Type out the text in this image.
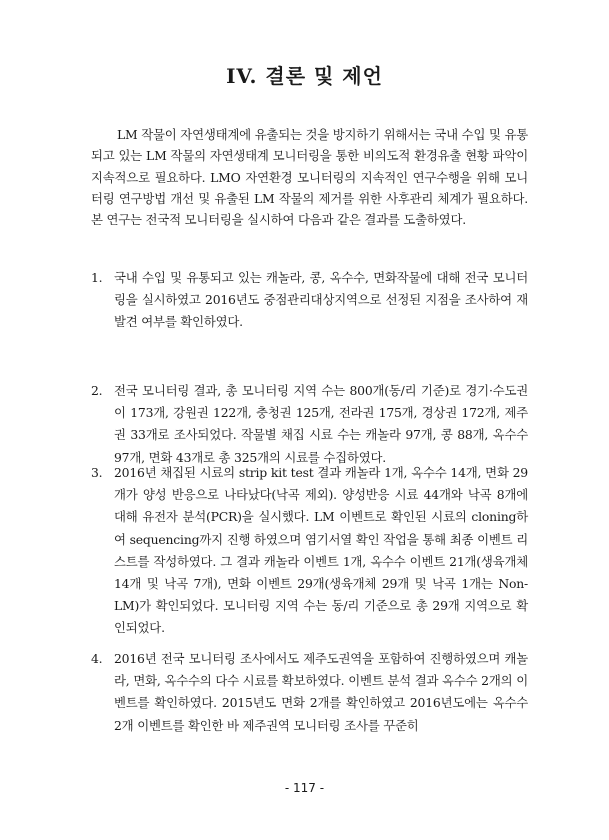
IV. 결론 및 제언

LM 작물이 자연생태계에 유출되는 것을 방지하기 위해서는 국내 수입 및 유통되고 있는 LM 작물의 자연생태계 모니터링을 통한 비의도적 환경유출 현황 파악이 지속적으로 필요하다. LMO 자연환경 모니터링의 지속적인 연구수행을 위해 모니터링 연구방법 개선 및 유출된 LM 작물의 제거를 위한 사후관리 체계가 필요하다. 본 연구는 전국적 모니터링을 실시하여 다음과 같은 결과를 도출하였다.

1. 국내 수입 및 유통되고 있는 캐놀라, 콩, 옥수수, 면화작물에 대해 전국 모니터링을 실시하였고 2016년도 중점관리대상지역으로 선정된 지점을 조사하여 재발견 여부를 확인하였다.
2. 전국 모니터링 결과, 총 모니터링 지역 수는 800개(동/리 기준)로 경기·수도권이 173개, 강원권 122개, 충청권 125개, 전라권 175개, 경상권 172개, 제주권 33개로 조사되었다. 작물별 채집 시료 수는 캐놀라 97개, 콩 88개, 옥수수 97개, 면화 43개로 총 325개의 시료를 수집하였다.
3. 2016년 채집된 시료의 strip kit test 결과 캐놀라 1개, 옥수수 14개, 면화 29개가 양성 반응으로 나타났다(낙곡 제외). 양성반응 시료 44개와 낙곡 8개에 대해 유전자 분석(PCR)을 실시했다. LM 이벤트로 확인된 시료의 cloning하여 sequencing까지 진행 하였으며 염기서열 확인 작업을 통해 최종 이벤트 리스트를 작성하였다. 그 결과 캐놀라 이벤트 1개, 옥수수 이벤트 21개(생육개체 14개 및 낙곡 7개), 면화 이벤트 29개(생육개체 29개 및 낙곡 1개는 Non-LM)가 확인되었다. 모니터링 지역 수는 동/리 기준으로 총 29개 지역으로 확인되었다.
4. 2016년 전국 모니터링 조사에서도 제주도권역을 포함하여 진행하였으며 캐놀라, 면화, 옥수수의 다수 시료를 확보하였다. 이벤트 분석 결과 옥수수 2개의 이벤트를 확인하였다. 2015년도 면화 2개를 확인하였고 2016년도에는 옥수수 2개 이벤트를 확인한 바 제주권역 모니터링 조사를 꾸준히
- 117 -
